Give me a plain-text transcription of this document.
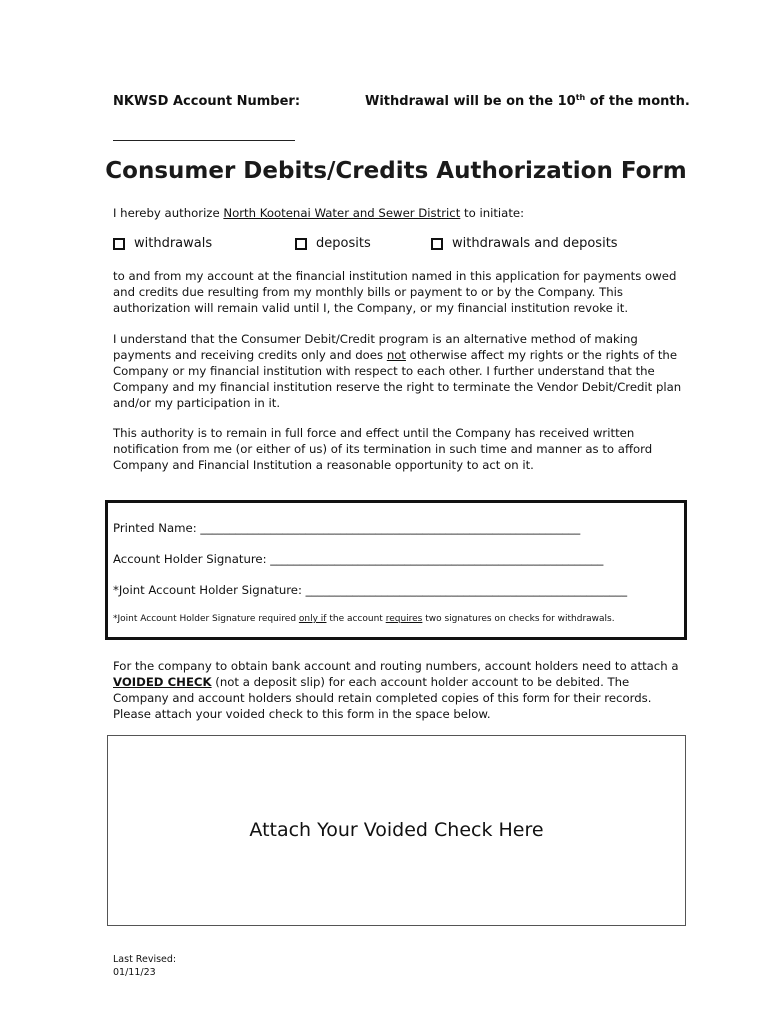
NKWSD Account Number:	Withdrawal will be on the 10th of the month.
Consumer Debits/Credits Authorization Form
I hereby authorize North Kootenai Water and Sewer District to initiate:
withdrawals	deposits	withdrawals and deposits
to and from my account at the financial institution named in this application for payments owed and credits due resulting from my monthly bills or payment to or by the Company. This authorization will remain valid until I, the Company, or my financial institution revoke it.
I understand that the Consumer Debit/Credit program is an alternative method of making payments and receiving credits only and does not otherwise affect my rights or the rights of the Company or my financial institution with respect to each other. I further understand that the Company and my financial institution reserve the right to terminate the Vendor Debit/Credit plan and/or my participation in it.
This authority is to remain in full force and effect until the Company has received written notification from me (or either of us) of its termination in such time and manner as to afford Company and Financial Institution a reasonable opportunity to act on it.
Printed Name: _________________________________________________________________
Account Holder Signature: _________________________________________________________
*Joint Account Holder Signature: _______________________________________________________
*Joint Account Holder Signature required only if the account requires two signatures on checks for withdrawals.
For the company to obtain bank account and routing numbers, account holders need to attach a VOIDED CHECK (not a deposit slip) for each account holder account to be debited. The Company and account holders should retain completed copies of this form for their records. Please attach your voided check to this form in the space below.
Attach Your Voided Check Here
Last Revised:
01/11/23
